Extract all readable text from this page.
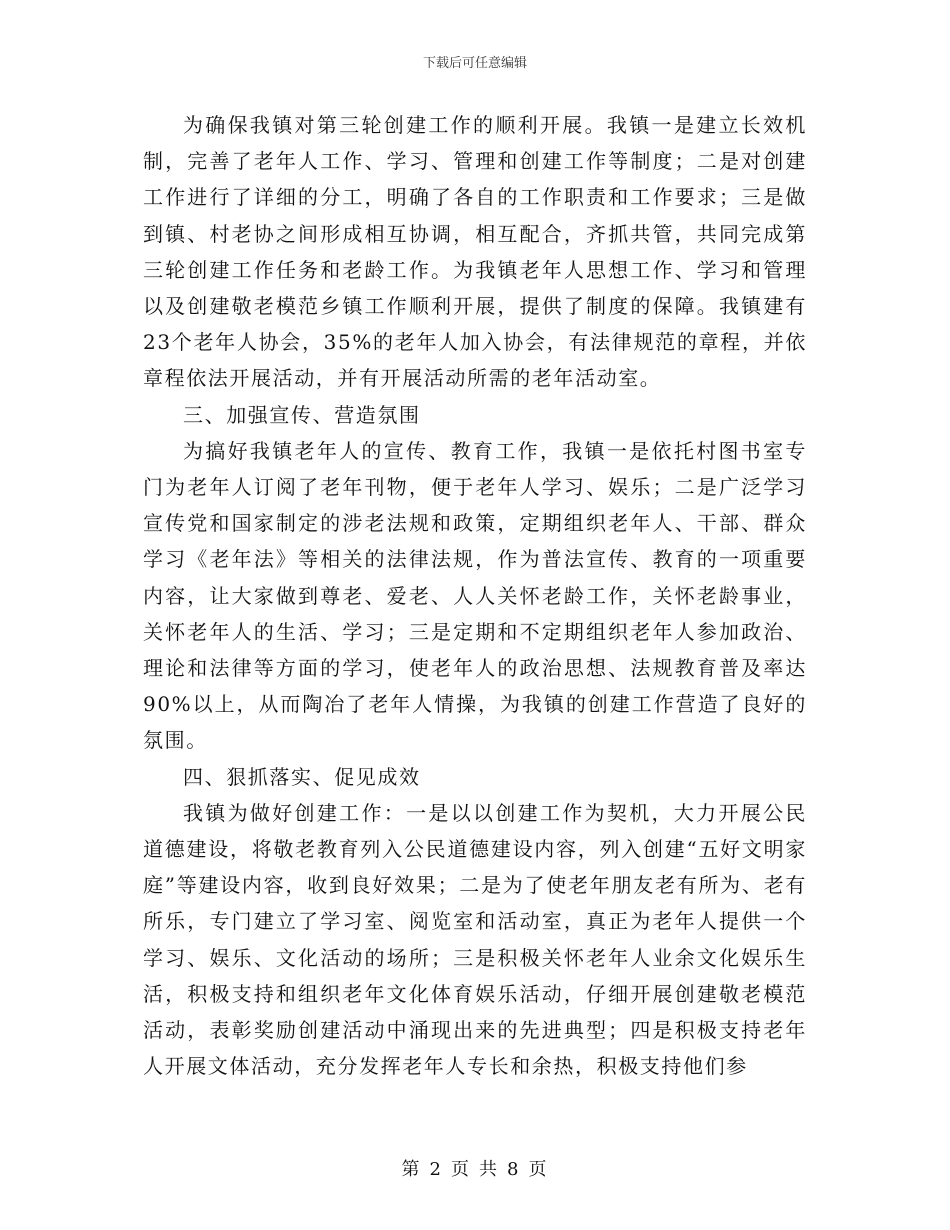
下载后可任意编辑

为确保我镇对第三轮创建工作的顺利开展。我镇一是建立长效机制，完善了老年人工作、学习、管理和创建工作等制度；二是对创建工作进行了详细的分工，明确了各自的工作职责和工作要求；三是做到镇、村老协之间形成相互协调，相互配合，齐抓共管，共同完成第三轮创建工作任务和老龄工作。为我镇老年人思想工作、学习和管理以及创建敬老模范乡镇工作顺利开展，提供了制度的保障。我镇建有23个老年人协会，35%的老年人加入协会，有法律规范的章程，并依章程依法开展活动，并有开展活动所需的老年活动室。

三、加强宣传、营造氛围

为搞好我镇老年人的宣传、教育工作，我镇一是依托村图书室专门为老年人订阅了老年刊物，便于老年人学习、娱乐；二是广泛学习宣传党和国家制定的涉老法规和政策，定期组织老年人、干部、群众学习《老年法》等相关的法律法规，作为普法宣传、教育的一项重要内容，让大家做到尊老、爱老、人人关怀老龄工作，关怀老龄事业，关怀老年人的生活、学习；三是定期和不定期组织老年人参加政治、理论和法律等方面的学习，使老年人的政治思想、法规教育普及率达90%以上，从而陶冶了老年人情操，为我镇的创建工作营造了良好的氛围。

四、狠抓落实、促见成效

我镇为做好创建工作：一是以以创建工作为契机，大力开展公民道德建设，将敬老教育列入公民道德建设内容，列入创建“五好文明家庭”等建设内容，收到良好效果；二是为了使老年朋友老有所为、老有所乐，专门建立了学习室、阅览室和活动室，真正为老年人提供一个学习、娱乐、文化活动的场所；三是积极关怀老年人业余文化娱乐生活，积极支持和组织老年文化体育娱乐活动，仔细开展创建敬老模范活动，表彰奖励创建活动中涌现出来的先进典型；四是积极支持老年人开展文体活动，充分发挥老年人专长和余热，积极支持他们参

第 2 页 共 8 页
